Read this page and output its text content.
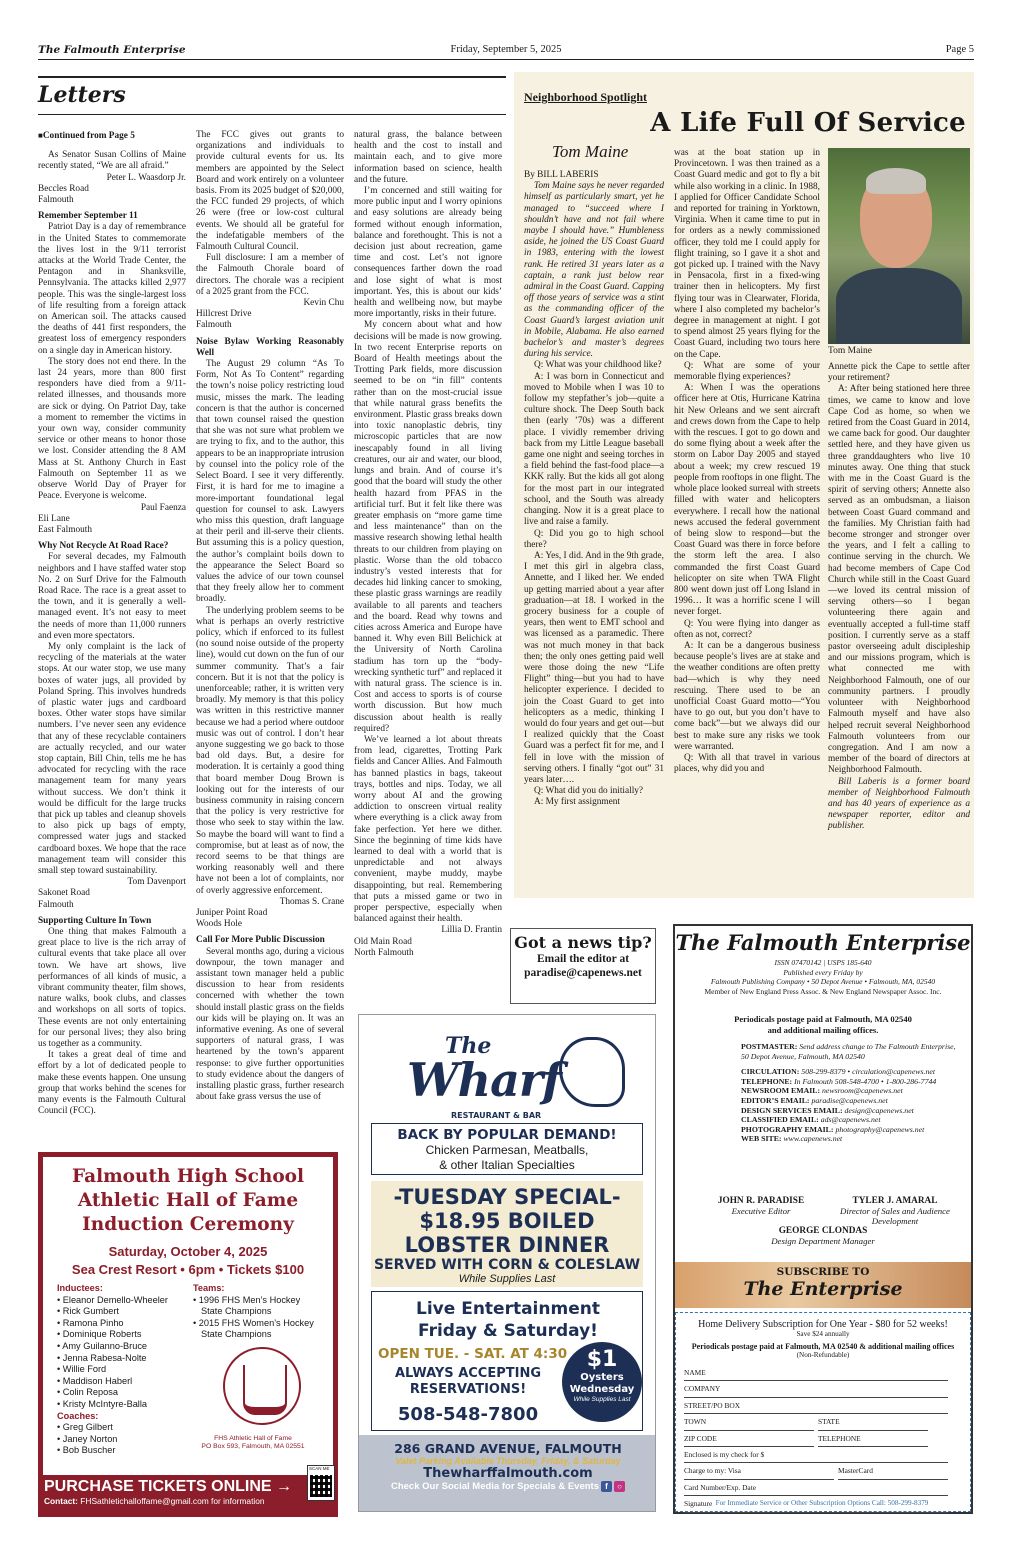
The Falmouth Enterprise	Friday, September 5, 2025	Page 5
Letters

■ Continued from Page 5

As Senator Susan Collins of Maine recently stated, “We are all afraid.”

Peter L. Waasdorp Jr.

Beccles Road

Falmouth

Remember September 11

Patriot Day is a day of remembrance in the United States to commemorate the lives lost in the 9/11 terrorist attacks at the World Trade Center, the Pentagon and in Shanksville, Pennsylvania. The attacks killed 2,977 people. This was the single-largest loss of life resulting from a foreign attack on American soil. The attacks caused the deaths of 441 first responders, the greatest loss of emergency responders on a single day in American history.

The story does not end there. In the last 24 years, more than 800 first responders have died from a 9/11-related illnesses, and thousands more are sick or dying. On Patriot Day, take a moment to remember the victims in your own way, consider community service or other means to honor those we lost. Consider attending the 8 AM Mass at St. Anthony Church in East Falmouth on September 11 as we observe World Day of Prayer for Peace. Everyone is welcome.

Paul Faenza

Eli Lane

East Falmouth

Why Not Recycle At Road Race?

For several decades, my Falmouth neighbors and I have staffed water stop No. 2 on Surf Drive for the Falmouth Road Race. The race is a great asset to the town, and it is generally a well-managed event. It’s not easy to meet the needs of more than 11,000 runners and even more spectators.

My only complaint is the lack of recycling of the materials at the water stops. At our water stop, we use many boxes of water jugs, all provided by Poland Spring. This involves hundreds of plastic water jugs and cardboard boxes. Other water stops have similar numbers. I’ve never seen any evidence that any of these recyclable containers are actually recycled, and our water stop captain, Bill Chin, tells me he has advocated for recycling with the race management team for many years without success. We don’t think it would be difficult for the large trucks that pick up tables and cleanup shovels to also pick up bags of empty, compressed water jugs and stacked cardboard boxes. We hope that the race management team will consider this small step toward sustainability.

Tom Davenport

Sakonet Road

Falmouth

Supporting Culture In Town

One thing that makes Falmouth a great place to live is the rich array of cultural events that take place all over town. We have art shows, live performances of all kinds of music, a vibrant community theater, film shows, nature walks, book clubs, and classes and workshops on all sorts of topics. These events are not only entertaining for our personal lives; they also bring us together as a community.

It takes a great deal of time and effort by a lot of dedicated people to make these events happen. One unsung group that works behind the scenes for many events is the Falmouth Cultural Council (FCC).

The FCC gives out grants to organizations and individuals to provide cultural events for us. Its members are appointed by the Select Board and work entirely on a volunteer basis. From its 2025 budget of $20,000, the FCC funded 29 projects, of which 26 were (free or low-cost cultural events. We should all be grateful for the indefatigable members of the Falmouth Cultural Council.

Full disclosure: I am a member of the Falmouth Chorale board of directors. The chorale was a recipient of a 2025 grant from the FCC.

Kevin Chu

Hillcrest Drive

Falmouth

Noise Bylaw Working Reasonably Well

The August 29 column “As To Form, Not As To Content” regarding the town’s noise policy restricting loud music, misses the mark. The leading concern is that the author is concerned that town counsel raised the question that she was not sure what problem we are trying to fix, and to the author, this appears to be an inappropriate intrusion by counsel into the policy role of the Select Board. I see it very differently. First, it is hard for me to imagine a more-important foundational legal question for counsel to ask. Lawyers who miss this question, draft language at their peril and ill-serve their clients. But assuming this is a policy question, the author’s complaint boils down to the appearance the Select Board so values the advice of our town counsel that they freely allow her to comment broadly.

The underlying problem seems to be what is perhaps an overly restrictive policy, which if enforced to its fullest (no sound noise outside of the property line), would cut down on the fun of our summer community. That’s a fair concern. But it is not that the policy is unenforceable; rather, it is written very broadly. My memory is that this policy was written in this restrictive manner because we had a period where outdoor music was out of control. I don’t hear anyone suggesting we go back to those bad old days. But, a desire for moderation. It is certainly a good thing that board member Doug Brown is looking out for the interests of our business community in raising concern that the policy is very restrictive for those who seek to stay within the law. So maybe the board will want to find a compromise, but at least as of now, the record seems to be that things are working reasonably well and there have not been a lot of complaints, nor of overly aggressive enforcement.

Thomas S. Crane

Juniper Point Road

Woods Hole

Call For More Public Discussion

Several months ago, during a vicious downpour, the town manager and assistant town manager held a public discussion to hear from residents concerned with whether the town should install plastic grass on the fields our kids will be playing on. It was an informative evening. As one of several supporters of natural grass, I was heartened by the town’s apparent response: to give further opportunities to study evidence about the dangers of installing plastic grass, further research about fake grass versus the use of

natural grass, the balance between health and the cost to install and maintain each, and to give more information based on science, health and the future.

I’m concerned and still waiting for more public input and I worry opinions and easy solutions are already being formed without enough information, balance and forethought. This is not a decision just about recreation, game time and cost. Let’s not ignore consequences farther down the road and lose sight of what is most important. Yes, this is about our kids’ health and wellbeing now, but maybe more importantly, risks in their future.

My concern about what and how decisions will be made is now growing. In two recent Enterprise reports on Board of Health meetings about the Trotting Park fields, more discussion seemed to be on “in fill” contents rather than on the most-crucial issue that while natural grass benefits the environment. Plastic grass breaks down into toxic nanoplastic debris, tiny microscopic particles that are now inescapably found in all living creatures, our air and water, our blood, lungs and brain. And of course it’s good that the board will study the other health hazard from PFAS in the artificial turf. But it felt like there was greater emphasis on “more game time and less maintenance” than on the massive research showing lethal health threats to our children from playing on plastic. Worse than the old tobacco industry’s vested interests that for decades hid linking cancer to smoking, these plastic grass warnings are readily available to all parents and teachers and the board. Read why towns and cities across America and Europe have banned it. Why even Bill Belichick at the University of North Carolina stadium has torn up the “body-wrecking synthetic turf” and replaced it with natural grass. The science is in. Cost and access to sports is of course worth discussion. But how much discussion about health is really required?

We’ve learned a lot about threats from lead, cigarettes, Trotting Park fields and Cancer Allies. And Falmouth has banned plastics in bags, takeout trays, bottles and nips. Today, we all worry about AI and the growing addiction to onscreen virtual reality where everything is a click away from fake perfection. Yet here we dither. Since the beginning of time kids have learned to deal with a world that is unpredictable and not always convenient, maybe muddy, maybe disappointing, but real. Remembering that puts a missed game or two in proper perspective, especially when balanced against their health.

Lillia D. Frantin

Old Main Road

North Falmouth

Neighborhood Spotlight
A Life Full Of Service
Tom Maine

By BILL LABERIS

Tom Maine says he never regarded himself as particularly smart, yet he managed to “succeed where I shouldn’t have and not fail where maybe I should have.” Humbleness aside, he joined the US Coast Guard in 1983, entering with the lowest rank. He retired 31 years later as a captain, a rank just below rear admiral in the Coast Guard. Capping off those years of service was a stint as the commanding officer of the Coast Guard’s largest aviation unit in Mobile, Alabama. He also earned bachelor’s and master’s degrees during his service.

Q: What was your childhood like?

A: I was born in Connecticut and moved to Mobile when I was 10 to follow my stepfather’s job—quite a culture shock. The Deep South back then (early ’70s) was a different place. I vividly remember driving back from my Little League baseball game one night and seeing torches in a field behind the fast-food place—a KKK rally. But the kids all got along for the most part in our integrated school, and the South was already changing. Now it is a great place to live and raise a family.

Q: Did you go to high school there?

A: Yes, I did. And in the 9th grade, I met this girl in algebra class, Annette, and I liked her. We ended up getting married about a year after graduation—at 18. I worked in the grocery business for a couple of years, then went to EMT school and was licensed as a paramedic. There was not much money in that back then; the only ones getting paid well were those doing the new “Life Flight” thing—but you had to have helicopter experience. I decided to join the Coast Guard to get into helicopters as a medic, thinking I would do four years and get out—but I realized quickly that the Coast Guard was a perfect fit for me, and I fell in love with the mission of serving others. I finally “got out” 31 years later….

Q: What did you do initially?

A: My first assignment

was at the boat station up in Provincetown. I was then trained as a Coast Guard medic and got to fly a bit while also working in a clinic. In 1988, I applied for Officer Candidate School and reported for training in Yorktown, Virginia. When it came time to put in for orders as a newly commissioned officer, they told me I could apply for flight training, so I gave it a shot and got picked up. I trained with the Navy in Pensacola, first in a fixed-wing trainer then in helicopters. My first flying tour was in Clearwater, Florida, where I also completed my bachelor’s degree in management at night. I got to spend almost 25 years flying for the Coast Guard, including two tours here on the Cape.

Q: What are some of your memorable flying experiences?

A: When I was the operations officer here at Otis, Hurricane Katrina hit New Orleans and we sent aircraft and crews down from the Cape to help with the rescues. I got to go down and do some flying about a week after the storm on Labor Day 2005 and stayed about a week; my crew rescued 19 people from rooftops in one flight. The whole place looked surreal with streets filled with water and helicopters everywhere. I recall how the national news accused the federal government of being slow to respond—but the Coast Guard was there in force before the storm left the area. I also commanded the first Coast Guard helicopter on site when TWA Flight 800 went down just off Long Island in 1996… It was a horrific scene I will never forget.

Q: You were flying into danger as often as not, correct?

A: It can be a dangerous business because people’s lives are at stake and the weather conditions are often pretty bad—which is why they need rescuing. There used to be an unofficial Coast Guard motto—“You have to go out, but you don’t have to come back”—but we always did our best to make sure any risks we took were warranted.

Q: With all that travel in various places, why did you and

Tom Maine

Annette pick the Cape to settle after your retirement?

A: After being stationed here three times, we came to know and love Cape Cod as home, so when we retired from the Coast Guard in 2014, we came back for good. Our daughter settled here, and they have given us three granddaughters who live 10 minutes away. One thing that stuck with me in the Coast Guard is the spirit of serving others; Annette also served as an ombudsman, a liaison between Coast Guard command and the families. My Christian faith had become stronger and stronger over the years, and I felt a calling to continue serving in the church. We had become members of Cape Cod Church while still in the Coast Guard—we loved its central mission of serving others—so I began volunteering there again and eventually accepted a full-time staff position. I currently serve as a staff pastor overseeing adult discipleship and our missions program, which is what connected me with Neighborhood Falmouth, one of our community partners. I proudly volunteer with Neighborhood Falmouth myself and have also helped recruit several Neighborhood Falmouth volunteers from our congregation. And I am now a member of the board of directors at Neighborhood Falmouth.

Bill Laberis is a former board member of Neighborhood Falmouth and has 40 years of experience as a newspaper reporter, editor and publisher.

Got a news tip?
Email the editor at
paradise@capenews.net
The
Wharf
RESTAURANT & BAR
BACK BY POPULAR DEMAND!
Chicken Parmesan, Meatballs,
& other Italian Specialties
-TUESDAY SPECIAL-
$18.95 BOILED
LOBSTER DINNER
SERVED WITH CORN & COLESLAW
While Supplies Last
Live Entertainment
Friday & Saturday!
OPEN TUE. - SAT. AT 4:30
ALWAYS ACCEPTING
RESERVATIONS!
508-548-7800
$1
Oysters
Wednesday
While Supplies Last
286 GRAND AVENUE, FALMOUTH
Valet Parking Available Thursday, Friday, & Saturday
Thewharffalmouth.com
Check Our Social Media for Specials & Events f ○
Falmouth High School
Athletic Hall of Fame
Induction Ceremony
Saturday, October 4, 2025
Sea Crest Resort • 6pm • Tickets $100
Inductees:
• Eleanor Demello-Wheeler
• Rick Gumbert
• Ramona Pinho
• Dominique Roberts
• Amy Guilanno-Bruce
• Jenna Rabesa-Nolte
• Willie Ford
• Maddison Haberl
• Colin Reposa
• Kristy McIntyre-Balla
Coaches:
• Greg Gilbert
• Janey Norton
• Bob Buscher
Teams:
• 1996 FHS Men’s Hockey
State Champions
• 2015 FHS Women’s Hockey
State Champions
FHS Athletic Hall of Fame
PO Box 593, Falmouth, MA 02551
PURCHASE TICKETS ONLINE →
Contact: FHSathletichalloffame@gmail.com for information
SCAN ME
The Falmouth Enterprise
ISSN 07470142 | USPS 185-640
Published every Friday by
Falmouth Publishing Company • 50 Depot Avenue • Falmouth, MA, 02540
Member of New England Press Assoc. & New England Newspaper Assoc. Inc.
Periodicals postage paid at Falmouth, MA 02540
and additional mailing offices.
POSTMASTER: Send address change to The Falmouth Enterprise, 50 Depot Avenue, Falmouth, MA 02540
CIRCULATION: 508-299-8379 • circulation@capenews.net
TELEPHONE: In Falmouth 508-548-4700 • 1-800-286-7744
NEWSROOM EMAIL: newsroom@capenews.net
EDITOR’S EMAIL: paradise@capenews.net
DESIGN SERVICES EMAIL: design@capenews.net
CLASSIFIED EMAIL: ads@capenews.net
PHOTOGRAPHY EMAIL: photography@capenews.net
WEB SITE: www.capenews.net
JOHN R. PARADISE
Executive Editor
TYLER J. AMARAL
Director of Sales and Audience Development
GEORGE CLONDAS
Design Department Manager
SUBSCRIBE TO
The Enterprise
Home Delivery Subscription for One Year - $80 for 52 weeks!
Save $24 annually
Periodicals postage paid at Falmouth, MA 02540 & additional mailing offices
(Non-Refundable)
NAME
COMPANY
STREET/PO BOX
TOWN	STATE
ZIP CODE	TELEPHONE
Enclosed is my check for $
Charge to my: Visa	MasterCard
Card Number/Exp. Date
Signature For Immediate Service or Other Subscription Options Call: 508-299-8379
